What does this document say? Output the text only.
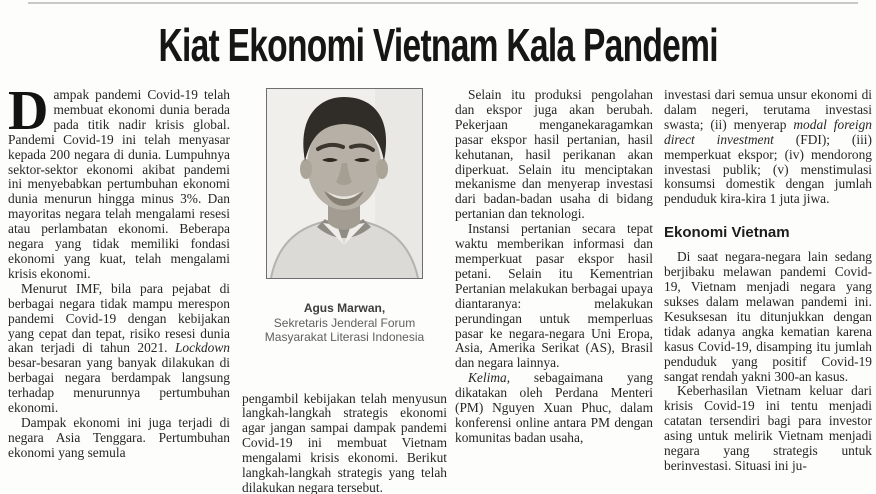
Kiat Ekonomi Vietnam Kala Pandemi

Dampak pandemi Covid-19 telah membuat ekonomi dunia berada pada titik nadir krisis global. Pandemi Covid-19 ini telah menyasar kepada 200 negara di dunia. Lumpuhnya sektor-sektor ekonomi akibat pandemi ini menyebabkan pertumbuhan ekonomi dunia menurun hingga minus 3%. Dan mayoritas negara telah mengalami resesi atau perlambatan ekonomi. Beberapa negara yang tidak memiliki fondasi ekonomi yang kuat, telah mengalami krisis ekonomi.

Menurut IMF, bila para pejabat di berbagai negara tidak mampu merespon pandemi Covid-19 dengan kebijakan yang cepat dan tepat, risiko resesi dunia akan terjadi di tahun 2021. Lockdown besar-besaran yang banyak dilakukan di berbagai negara berdampak langsung terhadap menurunnya pertumbuhan ekonomi.

Dampak ekonomi ini juga terjadi di negara Asia Tenggara. Pertumbuhan ekonomi yang semula

Agus Marwan,
Sekretaris Jenderal Forum
Masyarakat Literasi Indonesia

pengambil kebijakan telah menyusun langkah-langkah strategis ekonomi agar jangan sampai dampak pandemi Covid-19 ini membuat Vietnam mengalami krisis ekonomi. Berikut langkah-langkah strategis yang telah dilakukan negara tersebut.

Selain itu produksi pengolahan dan ekspor juga akan berubah. Pekerjaan menganekaragamkan pasar ekspor hasil pertanian, hasil kehutanan, hasil perikanan akan diperkuat. Selain itu menciptakan mekanisme dan menyerap investasi dari badan-badan usaha di bidang pertanian dan teknologi.

Instansi pertanian secara tepat waktu memberikan informasi dan memperkuat pasar ekspor hasil petani. Selain itu Kementrian Pertanian melakukan berbagai upaya diantaranya: melakukan perundingan untuk memperluas pasar ke negara-negara Uni Eropa, Asia, Amerika Serikat (AS), Brasil dan negara lainnya.

Kelima, sebagaimana yang dikatakan oleh Perdana Menteri (PM) Nguyen Xuan Phuc, dalam konferensi online antara PM dengan komunitas badan usaha,

investasi dari semua unsur ekonomi di dalam negeri, terutama investasi swasta; (ii) menyerap modal foreign direct investment (FDI); (iii) memperkuat ekspor; (iv) mendorong investasi publik; (v) menstimulasi konsumsi domestik dengan jumlah penduduk kira-kira 1 juta jiwa.

Ekonomi Vietnam

Di saat negara-negara lain sedang berjibaku melawan pandemi Covid-19, Vietnam menjadi negara yang sukses dalam melawan pandemi ini. Kesuksesan itu ditunjukkan dengan tidak adanya angka kematian karena kasus Covid-19, disamping itu jumlah penduduk yang positif Covid-19 sangat rendah yakni 300-an kasus.

Keberhasilan Vietnam keluar dari krisis Covid-19 ini tentu menjadi catatan tersendiri bagi para investor asing untuk melirik Vietnam menjadi negara yang strategis untuk berinvestasi. Situasi ini ju-
